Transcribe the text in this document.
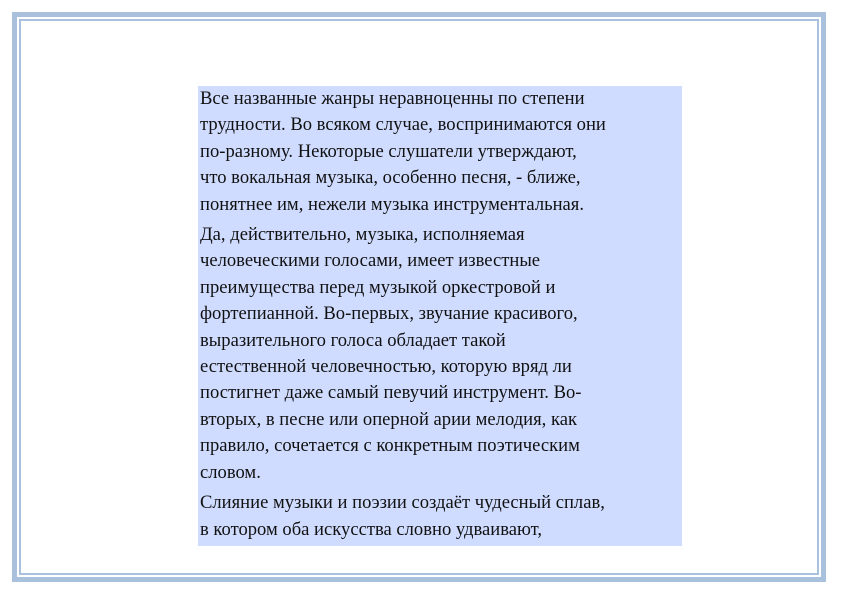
Все названные жанры неравноценны по степени
трудности. Во всяком случае, воспринимаются они
по-разному. Некоторые слушатели утверждают,
что вокальная музыка, особенно песня, - ближе,
понятнее им, нежели музыка инструментальная.

Да, действительно, музыка, исполняемая
человеческими голосами, имеет известные
преимущества перед музыкой оркестровой и
фортепианной. Во-первых, звучание красивого,
выразительного голоса обладает такой
естественной человечностью, которую вряд ли
постигнет даже самый певучий инструмент. Во-
вторых, в песне или оперной арии мелодия, как
правило, сочетается с конкретным поэтическим
словом.

Слияние музыки и поэзии создаёт чудесный сплав,
в котором оба искусства словно удваивают,
